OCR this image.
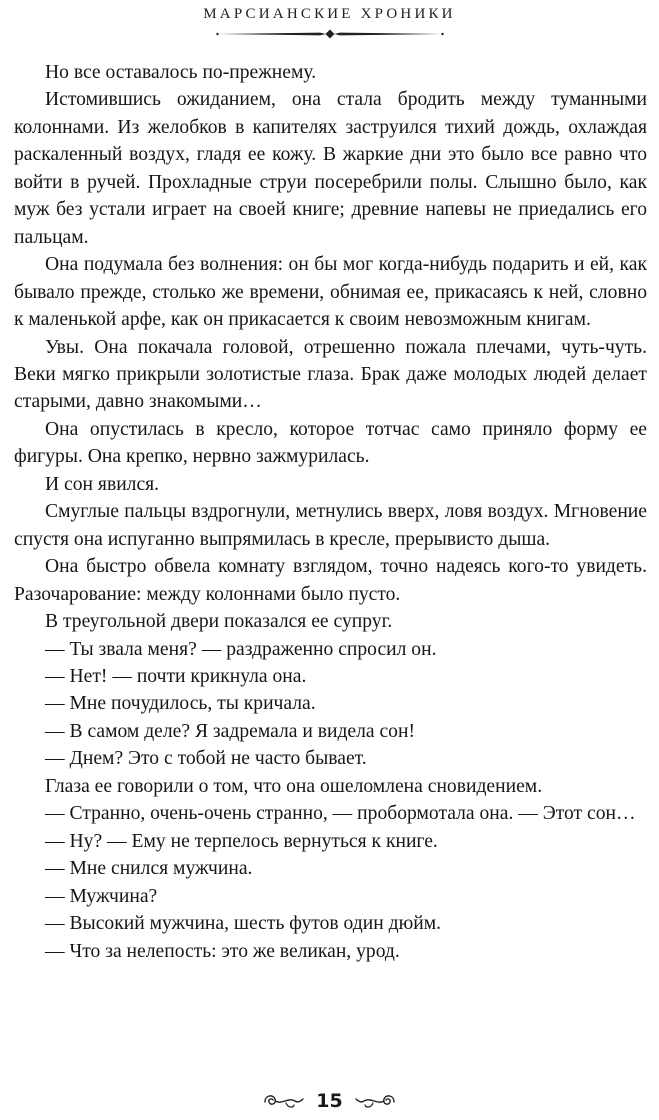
МАРСИАНСКИЕ ХРОНИКИ

Но все оставалось по-прежнему.

Истомившись ожиданием, она стала бродить между туманными колоннами. Из желобков в капителях заструился тихий дождь, охлаждая раскаленный воздух, гладя ее кожу. В жаркие дни это было все равно что войти в ручей. Прохладные струи посеребрили полы. Слышно было, как муж без устали играет на своей книге; древние напевы не приедались его пальцам.

Она подумала без волнения: он бы мог когда-нибудь подарить и ей, как бывало прежде, столько же времени, обнимая ее, прикасаясь к ней, словно к маленькой арфе, как он прикасается к своим невозможным книгам.

Увы. Она покачала головой, отрешенно пожала плечами, чуть-чуть. Веки мягко прикрыли золотистые глаза. Брак даже молодых людей делает старыми, давно знакомыми…

Она опустилась в кресло, которое тотчас само приняло форму ее фигуры. Она крепко, нервно зажмурилась.

И сон явился.

Смуглые пальцы вздрогнули, метнулись вверх, ловя воздух. Мгновение спустя она испуганно выпрямилась в кресле, прерывисто дыша.

Она быстро обвела комнату взглядом, точно надеясь кого-то увидеть. Разочарование: между колоннами было пусто.

В треугольной двери показался ее супруг.

— Ты звала меня? — раздраженно спросил он.

— Нет! — почти крикнула она.

— Мне почудилось, ты кричала.

— В самом деле? Я задремала и видела сон!

— Днем? Это с тобой не часто бывает.

Глаза ее говорили о том, что она ошеломлена сновидением.

— Странно, очень-очень странно, — пробормотала она. — Этот сон…

— Ну? — Ему не терпелось вернуться к книге.

— Мне снился мужчина.

— Мужчина?

— Высокий мужчина, шесть футов один дюйм.

— Что за нелепость: это же великан, урод.

15
